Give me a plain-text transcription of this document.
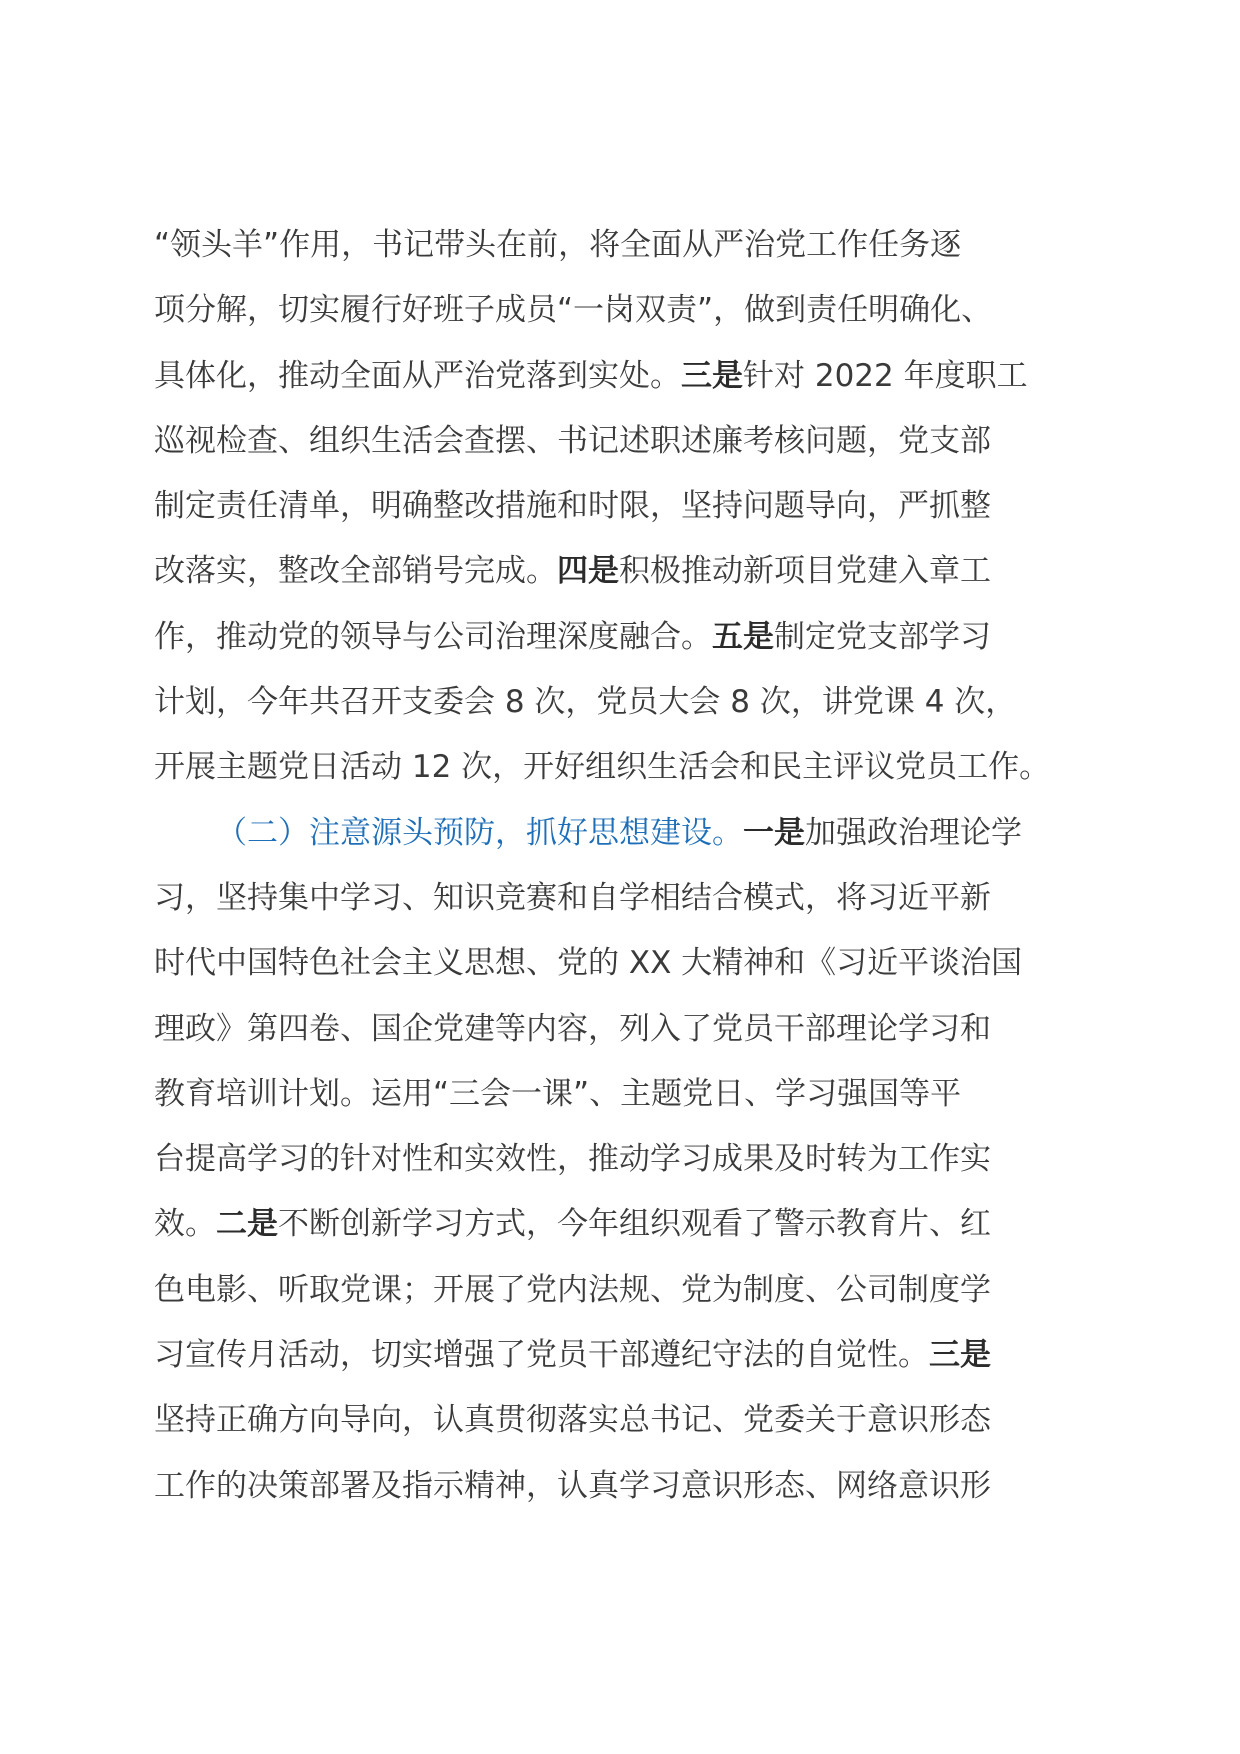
“领头羊”作用，书记带头在前，将全面从严治党工作任务逐
项分解，切实履行好班子成员“一岗双责”，做到责任明确化、
具体化，推动全面从严治党落到实处。三是针对 2022 年度职工
巡视检查、组织生活会查摆、书记述职述廉考核问题，党支部
制定责任清单，明确整改措施和时限，坚持问题导向，严抓整
改落实，整改全部销号完成。四是积极推动新项目党建入章工
作，推动党的领导与公司治理深度融合。五是制定党支部学习
计划，今年共召开支委会 8 次，党员大会 8 次，讲党课 4 次，
开展主题党日活动 12 次，开好组织生活会和民主评议党员工作。
（二）注意源头预防，抓好思想建设。一是加强政治理论学
习，坚持集中学习、知识竞赛和自学相结合模式，将习近平新
时代中国特色社会主义思想、党的 XX 大精神和《习近平谈治国
理政》第四卷、国企党建等内容，列入了党员干部理论学习和
教育培训计划。运用“三会一课”、主题党日、学习强国等平
台提高学习的针对性和实效性，推动学习成果及时转为工作实
效。二是不断创新学习方式，今年组织观看了警示教育片、红
色电影、听取党课；开展了党内法规、党为制度、公司制度学
习宣传月活动，切实增强了党员干部遵纪守法的自觉性。三是
坚持正确方向导向，认真贯彻落实总书记、党委关于意识形态
工作的决策部署及指示精神，认真学习意识形态、网络意识形
